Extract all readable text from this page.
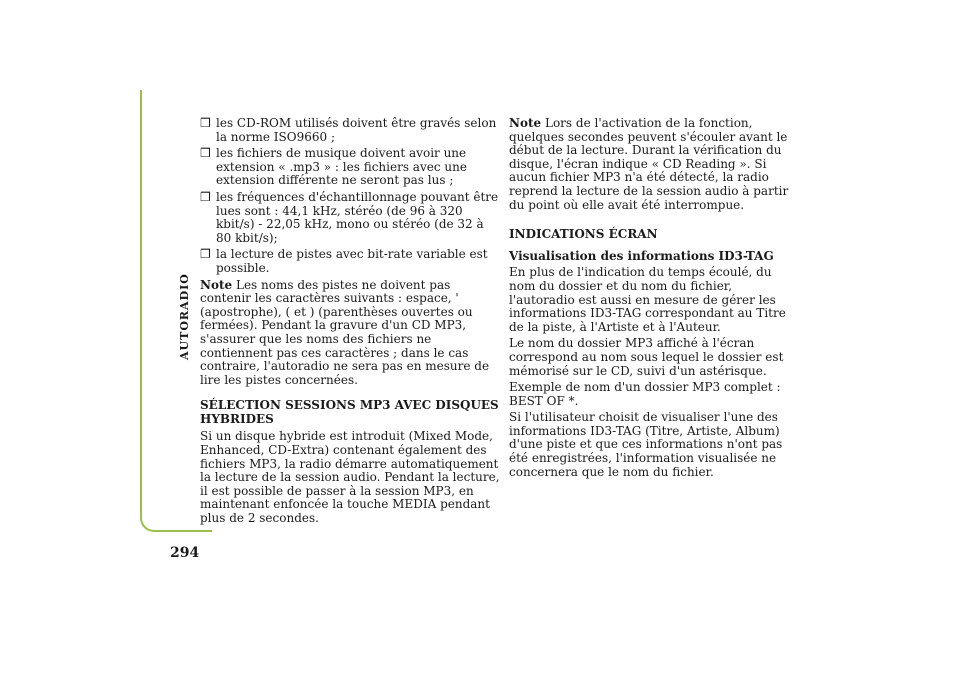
AUTORADIO
294
❒ les CD-ROM utilisés doivent être gravés selon la norme ISO9660 ;
❒ les fichiers de musique doivent avoir une extension « .mp3 » : les fichiers avec une extension différente ne seront pas lus ;
❒ les fréquences d'échantillonnage pouvant être lues sont : 44,1 kHz, stéréo (de 96 à 320 kbit/s) - 22,05 kHz, mono ou stéréo (de 32 à 80 kbit/s);
❒ la lecture de pistes avec bit-rate variable est possible.

Note Les noms des pistes ne doivent pas contenir les caractères suivants : espace, ' (apostrophe), ( et ) (parenthèses ouvertes ou fermées). Pendant la gravure d'un CD MP3, s'assurer que les noms des fichiers ne contiennent pas ces caractères ; dans le cas contraire, l'autoradio ne sera pas en mesure de lire les pistes concernées.

SÉLECTION SESSIONS MP3 AVEC DISQUES HYBRIDES

Si un disque hybride est introduit (Mixed Mode, Enhanced, CD-Extra) contenant également des fichiers MP3, la radio démarre automatiquement la lecture de la session audio. Pendant la lecture, il est possible de passer à la session MP3, en maintenant enfoncée la touche MEDIA pendant plus de 2 secondes.

Note Lors de l'activation de la fonction, quelques secondes peuvent s'écouler avant le début de la lecture. Durant la vérification du disque, l'écran indique « CD Reading ». Si aucun fichier MP3 n'a été détecté, la radio reprend la lecture de la session audio à partir du point où elle avait été interrompue.

INDICATIONS ÉCRAN
Visualisation des informations ID3-TAG

En plus de l'indication du temps écoulé, du nom du dossier et du nom du fichier, l'autoradio est aussi en mesure de gérer les informations ID3-TAG correspondant au Titre de la piste, à l'Artiste et à l'Auteur.

Le nom du dossier MP3 affiché à l'écran correspond au nom sous lequel le dossier est mémorisé sur le CD, suivi d'un astérisque.

Exemple de nom d'un dossier MP3 complet : BEST OF *.

Si l'utilisateur choisit de visualiser l'une des informations ID3-TAG (Titre, Artiste, Album) d'une piste et que ces informations n'ont pas été enregistrées, l'information visualisée ne concernera que le nom du fichier.
